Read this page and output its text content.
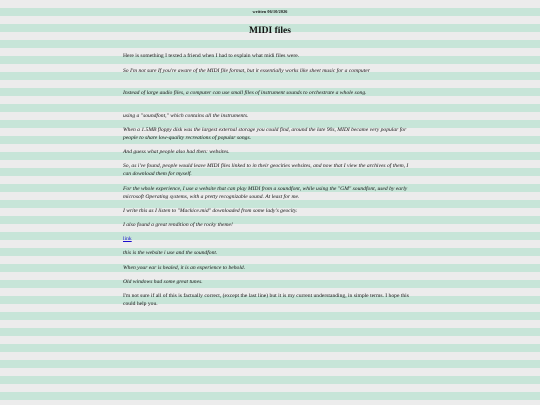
written 06/10/2026
MIDI files

Here is something I texted a friend when I had to explain what midi files were.

So I'm not sure If you're aware of the MIDI file format, but it essentially works like sheet music for a computer

Instead of large audio files, a computer can use small files of instrument sounds to orchestrate a whole song.

using a "soundfont," which contains all the instruments.

When a 1.5MB floppy disk was the largest external storage you could find, around the late 90s, MIDI became very popular for people to share low-quality recreations of popular songs.

And guess what people also had then: websites.

So, as i've found, people would leave MIDI files linked to in their geocities websites, and now that I view the archives of them, I can download them for myself.

For the whole experience, I use a website that can play MIDI from a soundfont, while using the "GM" soundfont, used by early microsoft Operating systems, with a pretty recognizable sound. At least for me.

I write this as I listen to "Mackice.mid" downloaded from some lady's geocity.

I also found a great rendition of the rocky theme!

link

this is the website i use and the soundfont.

When your ear is healed, it is an experience to behold.

Old windows had some great tunes.

I'm not sure if all of this is factually correct, (except the last line) but it is my current understanding, in simple terms. I hope this could help you.
